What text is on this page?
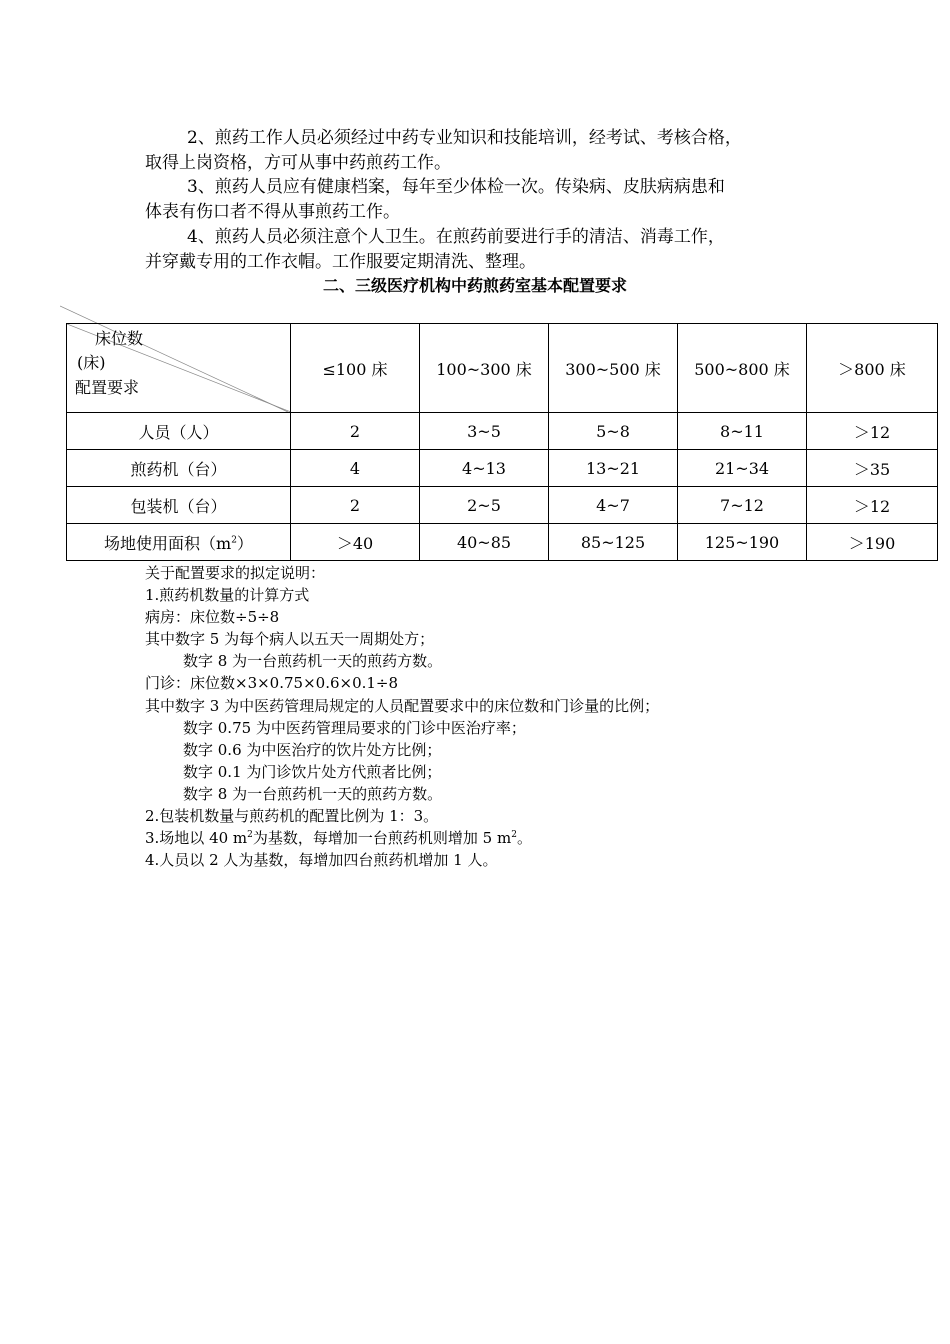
2、煎药工作人员必须经过中药专业知识和技能培训，经考试、考核合格，
取得上岗资格，方可从事中药煎药工作。

3、煎药人员应有健康档案，每年至少体检一次。传染病、皮肤病病患和
体表有伤口者不得从事煎药工作。

4、煎药人员必须注意个人卫生。在煎药前要进行手的清洁、消毒工作，
并穿戴专用的工作衣帽。工作服要定期清洗、整理。

二、三级医疗机构中药煎药室基本配置要求
床位数
(床)
配置要求	≤100 床	100~300 床	300~500 床	500~800 床	＞800 床
人员（人）	2	3~5	5~8	8~11	＞12
煎药机（台）	4	4~13	13~21	21~34	＞35
包装机（台）	2	2~5	4~7	7~12	＞12
场地使用面积$(m^2)$	＞40	40~85	85~125	125~190	＞190
关于配置要求的拟定说明：
1.煎药机数量的计算方式
病房：床位数÷5÷8
其中数字 5 为每个病人以五天一周期处方；
数字 8 为一台煎药机一天的煎药方数。
门诊：床位数×3×0.75×0.6×0.1÷8
其中数字 3 为中医药管理局规定的人员配置要求中的床位数和门诊量的比例；
数字 0.75 为中医药管理局要求的门诊中医治疗率；
数字 0.6 为中医治疗的饮片处方比例；
数字 0.1 为门诊饮片处方代煎者比例；
数字 8 为一台煎药机一天的煎药方数。
2.包装机数量与煎药机的配置比例为 1：3。
3.场地以 40 $m^2$为基数，每增加一台煎药机则增加 5 $m^2$。
4.人员以 2 人为基数，每增加四台煎药机增加 1 人。
